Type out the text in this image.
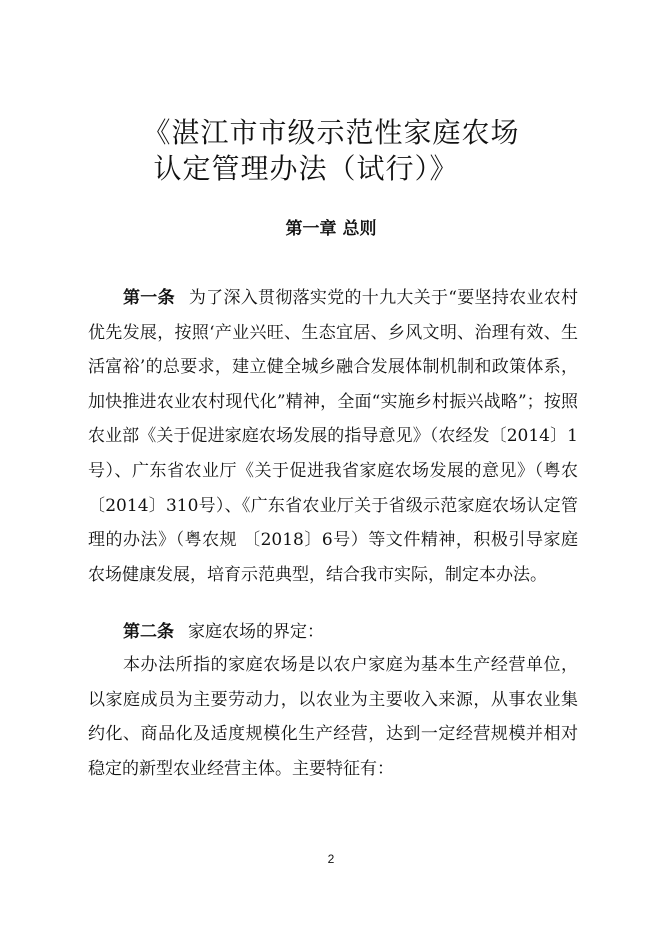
《湛江市市级示范性家庭农场
认定管理办法（试行）》
第一章 总则

第一条 为了深入贯彻落实党的十九大关于“要坚持农业农村优先发展，按照‘产业兴旺、生态宜居、乡风文明、治理有效、生活富裕’的总要求，建立健全城乡融合发展体制机制和政策体系，加快推进农业农村现代化”精神，全面“实施乡村振兴战略”；按照农业部《关于促进家庭农场发展的指导意见》（农经发〔2014〕1号）、广东省农业厅《关于促进我省家庭农场发展的意见》（粤农〔2014〕310号）、《广东省农业厅关于省级示范家庭农场认定管理的办法》（粤农规 〔2018〕6号）等文件精神，积极引导家庭农场健康发展，培育示范典型，结合我市实际，制定本办法。

第二条 家庭农场的界定：

本办法所指的家庭农场是以农户家庭为基本生产经营单位，以家庭成员为主要劳动力，以农业为主要收入来源，从事农业集约化、商品化及适度规模化生产经营，达到一定经营规模并相对稳定的新型农业经营主体。主要特征有：

2
